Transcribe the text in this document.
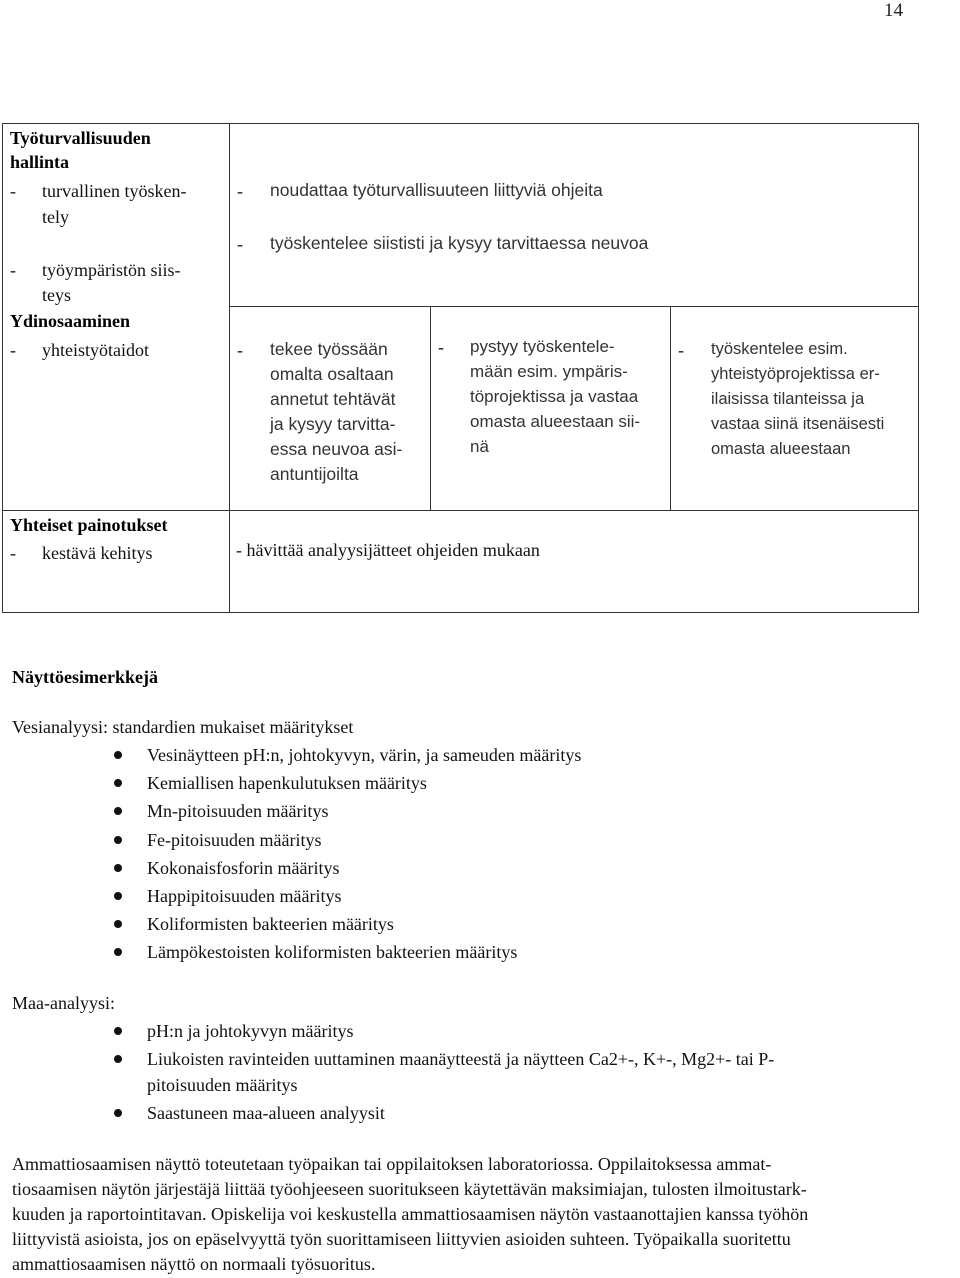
14
Työturvallisuuden
hallinta
- turvallinen työsken-
tely
- työympäristön siis-
teys
- noudattaa työturvallisuuteen liittyviä ohjeita
- työskentelee siististi ja kysyy tarvittaessa neuvoa
Ydinosaaminen
- yhteistyötaidot	- tekee työssään
omalta osaltaan
annetut tehtävät
ja kysyy tarvitta-
essa neuvoa asi-
antuntijoilta
- pystyy työskentele-
mään esim. ympäris-
töprojektissa ja vastaa
omasta alueestaan sii-
nä
- työskentelee esim.
yhteistyöprojektissa er-
ilaisissa tilanteissa ja
vastaa siinä itsenäisesti
omasta alueestaan
Yhteiset painotukset
- kestävä kehitys	- hävittää analyysijätteet ohjeiden mukaan
Näyttöesimerkkejä
Vesianalyysi: standardien mukaiset määritykset
Vesinäytteen pH:n, johtokyvyn, värin, ja sameuden määritys
Kemiallisen hapenkulutuksen määritys
Mn-pitoisuuden määritys
Fe-pitoisuuden määritys
Kokonaisfosforin määritys
Happipitoisuuden määritys
Koliformisten bakteerien määritys
Lämpökestoisten koliformisten bakteerien määritys
Maa-analyysi:
pH:n ja johtokyvyn määritys
Liukoisten ravinteiden uuttaminen maanäytteestä ja näytteen Ca2+-, K+-, Mg2+- tai P-
pitoisuuden määritys
Saastuneen maa-alueen analyysit
Ammattiosaamisen näyttö toteutetaan työpaikan tai oppilaitoksen laboratoriossa. Oppilaitoksessa ammat-
tiosaamisen näytön järjestäjä liittää työohjeeseen suoritukseen käytettävän maksimiajan, tulosten ilmoitustark-
kuuden ja raportointitavan. Opiskelija voi keskustella ammattiosaamisen näytön vastaanottajien kanssa työhön
liittyvistä asioista, jos on epäselvyyttä työn suorittamiseen liittyvien asioiden suhteen. Työpaikalla suoritettu
ammattiosaamisen näyttö on normaali työsuoritus.
